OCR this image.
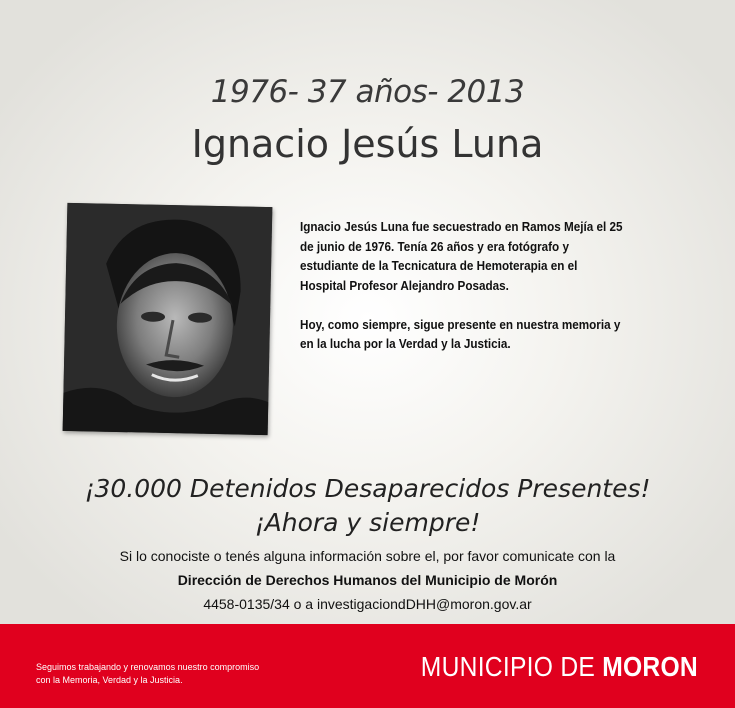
1976- 37 años- 2013
Ignacio Jesús Luna

Ignacio Jesús Luna fue secuestrado en Ramos Mejía el 25 de junio de 1976. Tenía 26 años y era fotógrafo y estudiante de la Tecnicatura de Hemoterapia en el Hospital Profesor Alejandro Posadas.

Hoy, como siempre, sigue presente en nuestra memoria y en la lucha por la Verdad y la Justicia.

¡30.000 Detenidos Desaparecidos Presentes!
¡Ahora y siempre!
Si lo conociste o tenés alguna información sobre el, por favor comunicate con la
Dirección de Derechos Humanos del Municipio de Morón
4458-0135/34 o a investigaciondDHH@moron.gov.ar
Seguimos trabajando y renovamos nuestro compromiso con la Memoria, Verdad y la Justicia.	MUNICIPIO DE MORON
